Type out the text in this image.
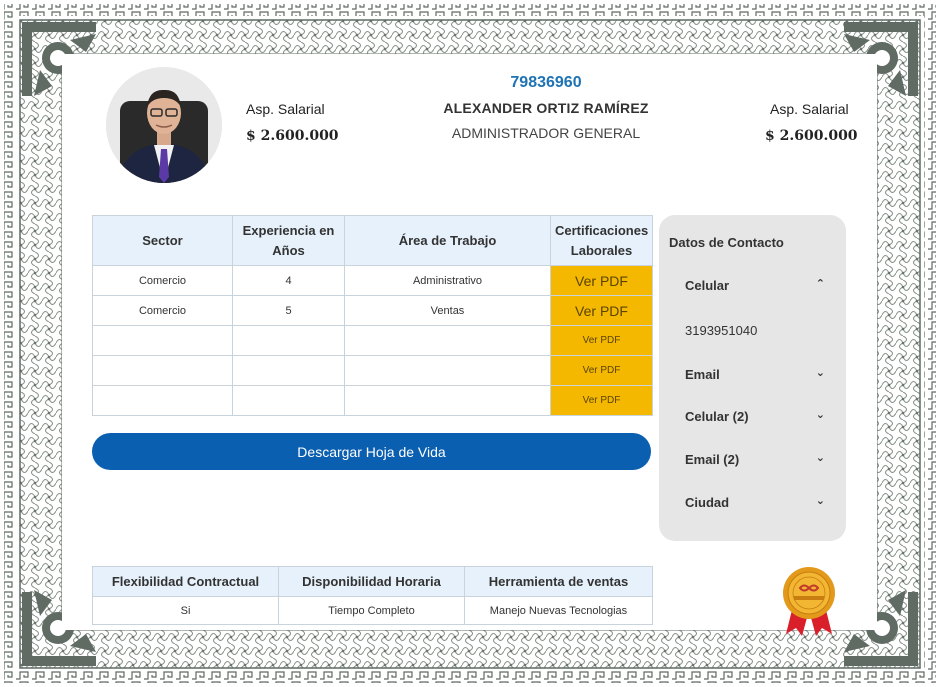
Asp. Salarial
$ 2.600.000
79836960
ALEXANDER ORTIZ RAMÍREZ
ADMINISTRADOR GENERAL
Asp. Salarial
$ 2.600.000
Sector	Experiencia en Años	Área de Trabajo	Certificaciones Laborales
Comercio	4	Administrativo	Ver PDF
Comercio	5	Ventas	Ver PDF
			Ver PDF
			Ver PDF
			Ver PDF
Descargar Hoja de Vida
Datos de Contacto
Celular	⌃
3193951040
Email	⌄
Celular (2)	⌄
Email (2)	⌄
Ciudad	⌄
Flexibilidad Contractual	Disponibilidad Horaria	Herramienta de ventas
Si	Tiempo Completo	Manejo Nuevas Tecnologias
